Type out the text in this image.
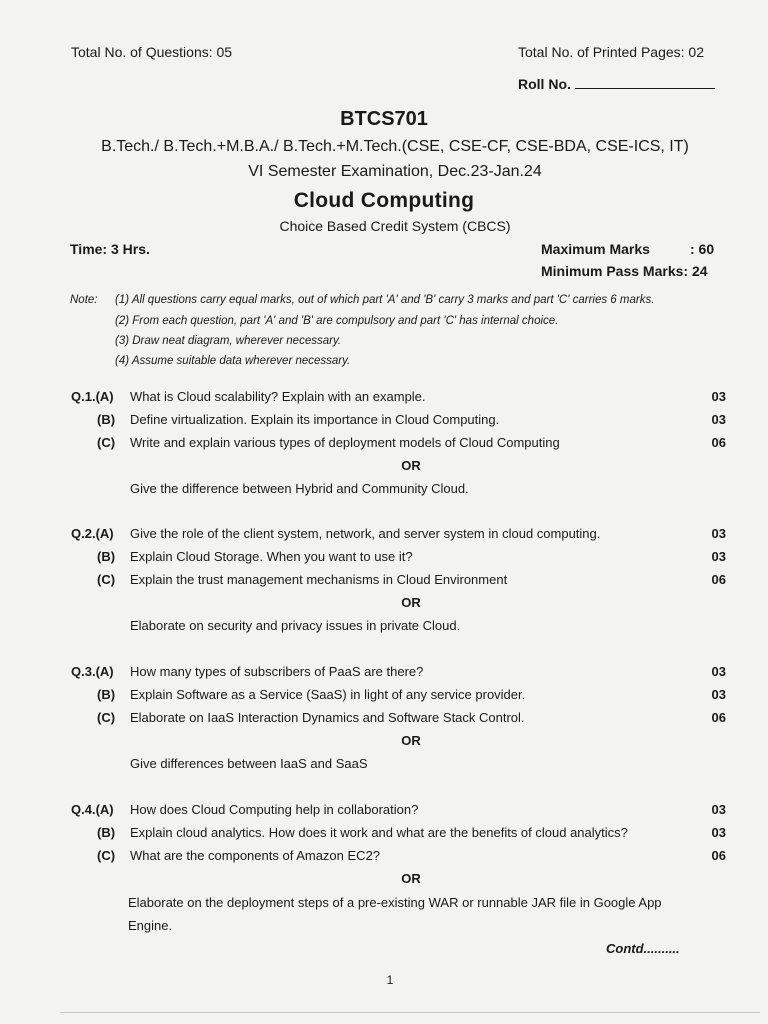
Total No. of Questions: 05	Total No. of Printed Pages: 02
Roll No.
BTCS701
B.Tech./ B.Tech.+M.B.A./ B.Tech.+M.Tech.(CSE, CSE-CF, CSE-BDA, CSE-ICS, IT)
VI Semester Examination, Dec.23-Jan.24
Cloud Computing
Choice Based Credit System (CBCS)
Time: 3 Hrs.	Maximum Marks	: 60
Minimum Pass Marks: 24
Note: (1) All questions carry equal marks, out of which part 'A' and 'B' carry 3 marks and part 'C' carries 6 marks.
(2) From each question, part 'A' and 'B' are compulsory and part 'C' has internal choice.
(3) Draw neat diagram, wherever necessary.
(4) Assume suitable data wherever necessary.
Q.1.(A) What is Cloud scalability? Explain with an example.	03
(B) Define virtualization. Explain its importance in Cloud Computing.	03
(C) Write and explain various types of deployment models of Cloud Computing	06
OR
Give the difference between Hybrid and Community Cloud.
Q.2.(A) Give the role of the client system, network, and server system in cloud computing.	03
(B) Explain Cloud Storage. When you want to use it?	03
(C) Explain the trust management mechanisms in Cloud Environment	06
OR
Elaborate on security and privacy issues in private Cloud.
Q.3.(A) How many types of subscribers of PaaS are there?	03
(B) Explain Software as a Service (SaaS) in light of any service provider.	03
(C) Elaborate on IaaS Interaction Dynamics and Software Stack Control.	06
OR
Give differences between IaaS and SaaS
Q.4.(A) How does Cloud Computing help in collaboration?	03
(B) Explain cloud analytics. How does it work and what are the benefits of cloud analytics?	03
(C) What are the components of Amazon EC2?	06
OR
Elaborate on the deployment steps of a pre-existing WAR or runnable JAR file in Google App
Engine.
Contd..........
1
